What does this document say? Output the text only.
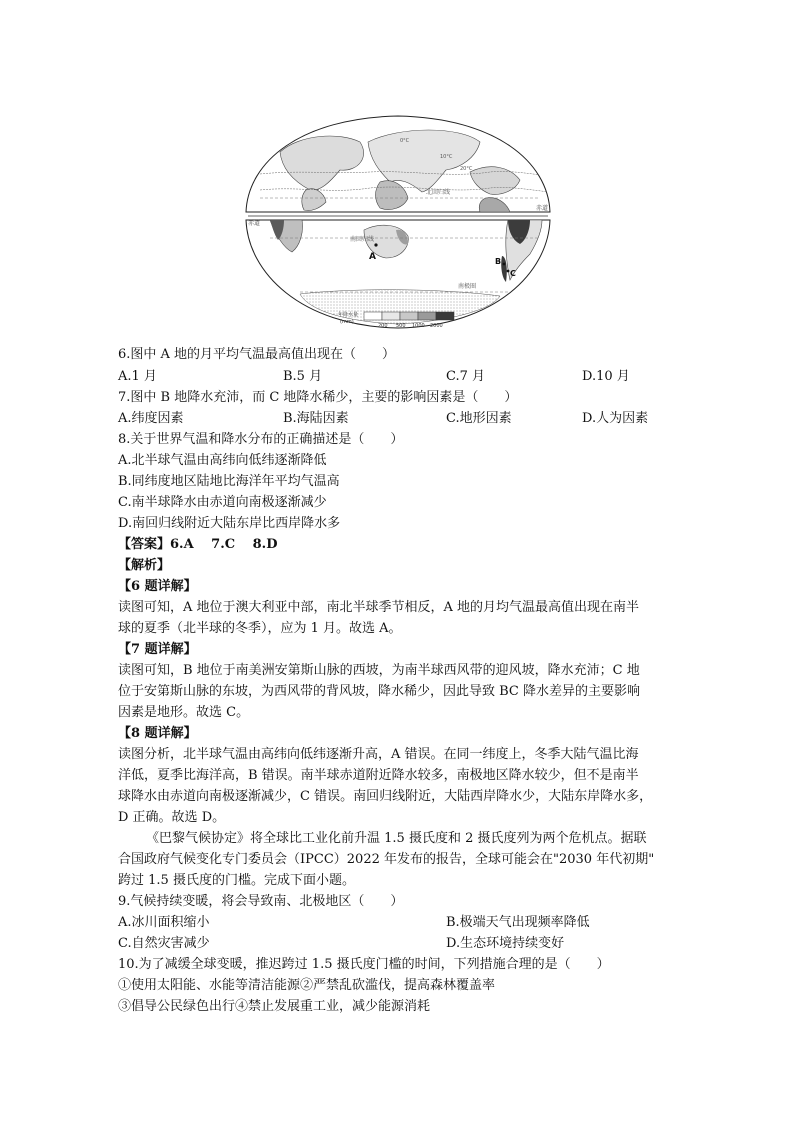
北回归线
20°C
10°C
0°C
赤道
赤道
南回归线
南极圈
A	B
C
年降水量
(mm)
200 500 1000 2000
6.图中 A 地的月平均气温最高值出现在（　　）
A.1 月	B.5 月	C.7 月	D.10 月
7.图中 B 地降水充沛，而 C 地降水稀少，主要的影响因素是（　　）
A.纬度因素	B.海陆因素	C.地形因素	D.人为因素
8.关于世界气温和降水分布的正确描述是（　　）
A.北半球气温由高纬向低纬逐渐降低
B.同纬度地区陆地比海洋年平均气温高
C.南半球降水由赤道向南极逐渐减少
D.南回归线附近大陆东岸比西岸降水多
【答案】6.A　 7.C　 8.D
【解析】
【6 题详解】
读图可知，A 地位于澳大利亚中部，南北半球季节相反，A 地的月均气温最高值出现在南半
球的夏季（北半球的冬季），应为 1 月。故选 A。
【7 题详解】
读图可知，B 地位于南美洲安第斯山脉的西坡，为南半球西风带的迎风坡，降水充沛；C 地
位于安第斯山脉的东坡，为西风带的背风坡，降水稀少，因此导致 BC 降水差异的主要影响
因素是地形。故选 C。
【8 题详解】
读图分析，北半球气温由高纬向低纬逐渐升高，A 错误。在同一纬度上，冬季大陆气温比海
洋低，夏季比海洋高，B 错误。南半球赤道附近降水较多，南极地区降水较少，但不是南半
球降水由赤道向南极逐渐减少，C 错误。南回归线附近，大陆西岸降水少，大陆东岸降水多，
D 正确。故选 D。
《巴黎气候协定》将全球比工业化前升温 1.5 摄氏度和 2 摄氏度列为两个危机点。据联
合国政府气候变化专门委员会（IPCC）2022 年发布的报告，全球可能会在"2030 年代初期"
跨过 1.5 摄氏度的门槛。完成下面小题。
9.气候持续变暖，将会导致南、北极地区（　　）
A.冰川面积缩小	B.极端天气出现频率降低
C.自然灾害减少	D.生态环境持续变好
10.为了减缓全球变暖，推迟跨过 1.5 摄氏度门槛的时间，下列措施合理的是（　　）
①使用太阳能、水能等清洁能源②严禁乱砍滥伐，提高森林覆盖率
③倡导公民绿色出行④禁止发展重工业，减少能源消耗
